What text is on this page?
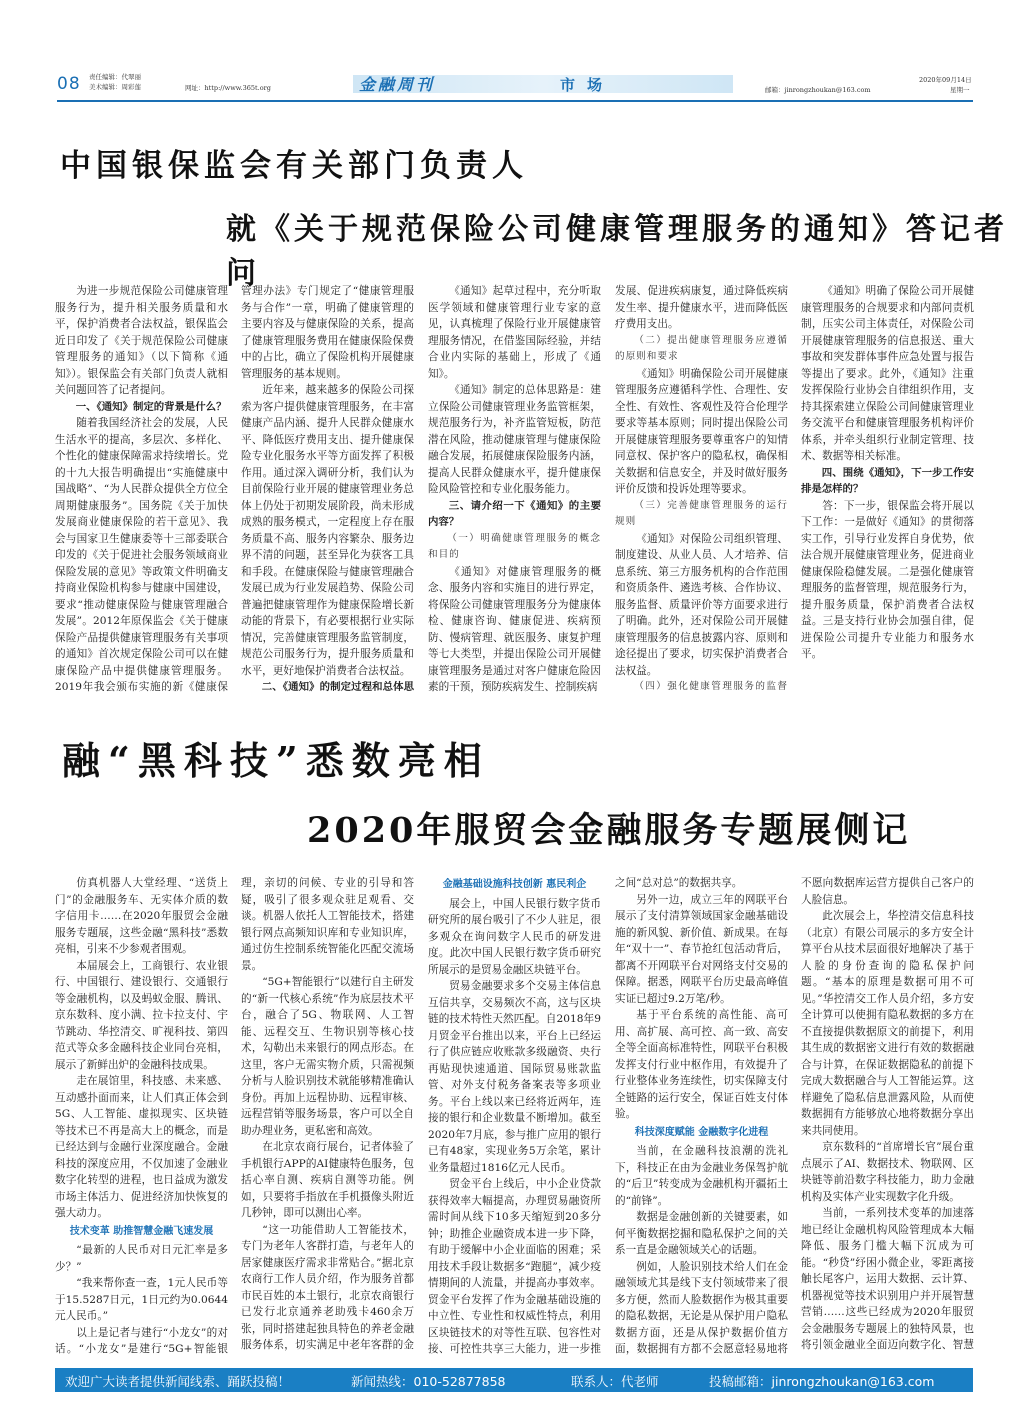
08 责任编辑：代翠丽
美术编辑：周彩莲	网址：http://www.365t.org	金融周刊	市场	邮箱：jinrongzhoukan@163.com
2020年09月14日
星期一
中国银保监会有关部门负责人
就《关于规范保险公司健康管理服务的通知》答记者问

为进一步规范保险公司健康管理服务行为，提升相关服务质量和水平，保护消费者合法权益，银保监会近日印发了《关于规范保险公司健康管理服务的通知》（以下简称《通知》）。银保监会有关部门负责人就相关问题回答了记者提问。

一、《通知》制定的背景是什么？

随着我国经济社会的发展，人民生活水平的提高，多层次、多样化、个性化的健康保障需求持续增长。党的十九大报告明确提出“实施健康中国战略”、“为人民群众提供全方位全周期健康服务”。国务院《关于加快发展商业健康保险的若干意见》、我会与国家卫生健康委等十三部委联合印发的《关于促进社会服务领域商业保险发展的意见》等政策文件明确支持商业保险机构参与健康中国建设，要求“推动健康保险与健康管理融合发展”。2012年原保监会《关于健康保险产品提供健康管理服务有关事项的通知》首次规定保险公司可以在健康保险产品中提供健康管理服务。2019年我会颁布实施的新《健康保

管理办法》专门规定了“健康管理服务与合作”一章，明确了健康管理的主要内容及与健康保险的关系，提高了健康管理服务费用在健康保险保费中的占比，确立了保险机构开展健康管理服务的基本规则。

近年来，越来越多的保险公司探索为客户提供健康管理服务，在丰富健康产品内涵、提升人民群众健康水平、降低医疗费用支出、提升健康保险专业化服务水平等方面发挥了积极作用。通过深入调研分析，我们认为目前保险行业开展的健康管理业务总体上仍处于初期发展阶段，尚未形成成熟的服务模式，一定程度上存在服务质量不高、服务内容繁杂、服务边界不清的问题，甚至异化为获客工具和手段。在健康保险与健康管理融合发展已成为行业发展趋势、保险公司普遍把健康管理作为健康保险增长新动能的背景下，有必要根据行业实际情况，完善健康管理服务监管制度，规范公司服务行为，提升服务质量和水平，更好地保护消费者合法权益。

二、《通知》的制定过程和总体思

《通知》起草过程中，充分听取医学领域和健康管理行业专家的意见，认真梳理了保险行业开展健康管理服务情况，在借鉴国际经验，并结合业内实际的基础上，形成了《通知》。

《通知》制定的总体思路是：建立保险公司健康管理业务监管框架，规范服务行为，补齐监管短板，防范潜在风险，推动健康管理与健康保险融合发展，拓展健康保险服务内涵，提高人民群众健康水平，提升健康保险风险管控和专业化服务能力。

三、请介绍一下《通知》的主要内容？

（一）明确健康管理服务的概念和目的

《通知》对健康管理服务的概念、服务内容和实施目的进行界定，将保险公司健康管理服务分为健康体检、健康咨询、健康促进、疾病预防、慢病管理、就医服务、康复护理等七大类型，并提出保险公司开展健康管理服务是通过对客户健康危险因素的干预，预防疾病发生、控制疾病

发展、促进疾病康复，通过降低疾病发生率、提升健康水平，进而降低医疗费用支出。

（二）提出健康管理服务应遵循的原则和要求

《通知》明确保险公司开展健康管理服务应遵循科学性、合理性、安全性、有效性、客观性及符合伦理学要求等基本原则；同时提出保险公司开展健康管理服务要尊重客户的知情同意权、保护客户的隐私权，确保相关数据和信息安全，并及时做好服务评价反馈和投诉处理等要求。

（三）完善健康管理服务的运行规则

《通知》对保险公司组织管理、制度建设、从业人员、人才培养、信息系统、第三方服务机构的合作范围和资质条件、遴选考核、合作协议、服务监督、质量评价等方面要求进行了明确。此外，还对保险公司开展健康管理服务的信息披露内容、原则和途径提出了要求，切实保护消费者合法权益。

（四）强化健康管理服务的监督

《通知》明确了保险公司开展健康管理服务的合规要求和内部问责机制，压实公司主体责任，对保险公司开展健康管理服务的信息报送、重大事故和突发群体事件应急处置与报告等提出了要求。此外，《通知》注重发挥保险行业协会自律组织作用，支持其探索建立保险公司间健康管理业务交流平台和健康管理服务机构评价体系，并牵头组织行业制定管理、技术、数据等相关标准。

四、围绕《通知》，下一步工作安排是怎样的？

答：下一步，银保监会将开展以下工作：一是做好《通知》的贯彻落实工作，引导行业发挥自身优势，依法合规开展健康管理业务，促进商业健康保险稳健发展。二是强化健康管理服务的监督管理，规范服务行为，提升服务质量，保护消费者合法权益。三是支持行业协会加强自律，促进保险公司提升专业能力和服务水平。

融“黑科技”悉数亮相
2020年服贸会金融服务专题展侧记

仿真机器人大堂经理、“送货上门”的金融服务车、无实体介质的数字信用卡……在2020年服贸会金融服务专题展，这些金融“黑科技”悉数亮相，引来不少参观者围观。

本届展会上，工商银行、农业银行、中国银行、建设银行、交通银行等金融机构，以及蚂蚁金服、腾讯、京东数科、度小满、拉卡拉支付、宇节跳动、华控清交、旷视科技、第四范式等众多金融科技企业同台亮相，展示了新鲜出炉的金融科技成果。

走在展馆里，科技感、未来感、互动感扑面而来，让人们真正体会到5G、人工智能、虚拟现实、区块链等技术已不再是高大上的概念，而是已经达到与金融行业深度融合。金融科技的深度应用，不仅加速了金融业数字化转型的进程，也日益成为激发市场主体活力、促进经济加快恢复的强大动力。

技术变革 助推智慧金融飞速发展

“最新的人民币对日元汇率是多少？”

“我来帮你查一查，1元人民币等于15.5287日元，1日元约为0.0644元人民币。”

以上是记者与建行“小龙女”的对话。“小龙女”是建行“5G+智能银

理，亲切的问候、专业的引导和答疑，吸引了很多观众驻足观看、交谈。机器人依托人工智能技术，搭建银行网点高频知识库和专业知识库，通过仿生控制系统智能化匹配交流场景。

“5G+智能银行”以建行自主研发的“新一代核心系统”作为底层技术平台，融合了5G、物联网、人工智能、远程交互、生物识别等核心技术，勾勒出未来银行的网点形态。在这里，客户无需实物介质，只需视频分析与人脸识别技术就能够精准确认身份。再加上远程协助、远程审核、远程营销等服务场景，客户可以全自助办理业务，更私密和高效。

在北京农商行展台，记者体验了手机银行APP的AI健康特色服务，包括心率自测、疾病自测等功能。例如，只要将手指放在手机摄像头附近几秒钟，即可以测出心率。

“这一功能借助人工智能技术，专门为老年人客群打造，与老年人的居家健康医疗需求非常贴合。”据北京农商行工作人员介绍，作为服务首都市民百姓的本土银行，北京农商银行已发行北京通养老助残卡460余万张，同时搭建起独具特色的养老金融服务体系，切实满足中老年客群的金

金融基础设施科技创新 惠民利企

展会上，中国人民银行数字货币研究所的展台吸引了不少人驻足，很多观众在询问数字人民币的研发进度。此次中国人民银行数字货币研究所展示的是贸易金融区块链平台。

贸易金融要求多个交易主体信息互信共享，交易频次不高，这与区块链的技术特性天然匹配。自2018年9月贸金平台推出以来，平台上已经运行了供应链应收账款多级融资、央行再贴现快速通道、国际贸易账款监管、对外支付税务备案表等多项业务。平台上线以来已经将近两年，连接的银行和企业数量不断增加。截至2020年7月底，参与推广应用的银行已有48家，实现业务5万余笔，累计业务量超过1816亿元人民币。

贸金平台上线后，中小企业贷款获得效率大幅提高，办理贸易融资所需时间从线下10多天缩短到20多分钟；助推企业融资成本进一步下降，有助于缓解中小企业面临的困难；采用技术手段让数据多“跑腿”，减少疫情期间的人流量，并提高办事效率。贸金平台发挥了作为金融基础设施的中立性、专业性和权威性特点，利用区块链技术的对等性互联、包容性对接、可控性共享三大能力，进一步推

之间“总对总”的数据共享。

另外一边，成立三年的网联平台展示了支付清算领域国家金融基础设施的新风貌、新价值、新成果。在每年“双十一”、春节抢红包活动背后，都离不开网联平台对网络支付交易的保障。据悉，网联平台历史最高峰值实证已超过9.2万笔/秒。

基于平台系统的高性能、高可用、高扩展、高可控、高一致、高安全等全面高标准特性，网联平台积极发挥支付行业中枢作用，有效提升了行业整体业务连续性，切实保障支付全链路的运行安全，保证百姓支付体验。

科技深度赋能 金融数字化进程

当前，在金融科技浪潮的洗礼下，科技正在由为金融业务保驾护航的“后卫”转变成为金融机构开疆拓土的“前锋”。

数据是金融创新的关键要素，如何平衡数据挖掘和隐私保护之间的关系一直是金融领域关心的话题。

例如，人脸识别技术给人们在金融领域尤其是线下支付领域带来了很多方便，然而人脸数据作为极其重要的隐私数据，无论是从保护用户隐私数据方面，还是从保护数据价值方面，数据拥有方都不会愿意轻易地将

不愿向数据库运营方提供自己客户的人脸信息。

此次展会上，华控清交信息科技（北京）有限公司展示的多方安全计算平台从技术层面很好地解决了基于人脸的身份查询的隐私保护问题。“基本的原理是数据可用不可见。”华控清交工作人员介绍，多方安全计算可以使拥有隐私数据的多方在不直接提供数据原文的前提下，利用其生成的数据密文进行有效的数据融合与计算，在保证数据隐私的前提下完成大数据融合与人工智能运算。这样避免了隐私信息泄露风险，从而使数据拥有方能够放心地将数据分享出来共同使用。

京东数科的“首席增长官”展台重点展示了AI、数据技术、物联网、区块链等前沿数字科技能力，助力金融机构及实体产业实现数字化升级。

当前，一系列技术变革的加速落地已经让金融机构风险管理成本大幅降低、服务门槛大幅下沉成为可能。“秒贷”纾困小微企业，零距离接触长尾客户，运用大数据、云计算、机器视觉等技术识别用户并开展智慧营销……这些已经成为2020年服贸会金融服务专题展上的独特风景，也将引领金融业全面迈向数字化、智慧

欢迎广大读者提供新闻线索、踊跃投稿！	新闻热线：010-52877858	联系人：代老师	投稿邮箱：jinrongzhoukan@163.com
